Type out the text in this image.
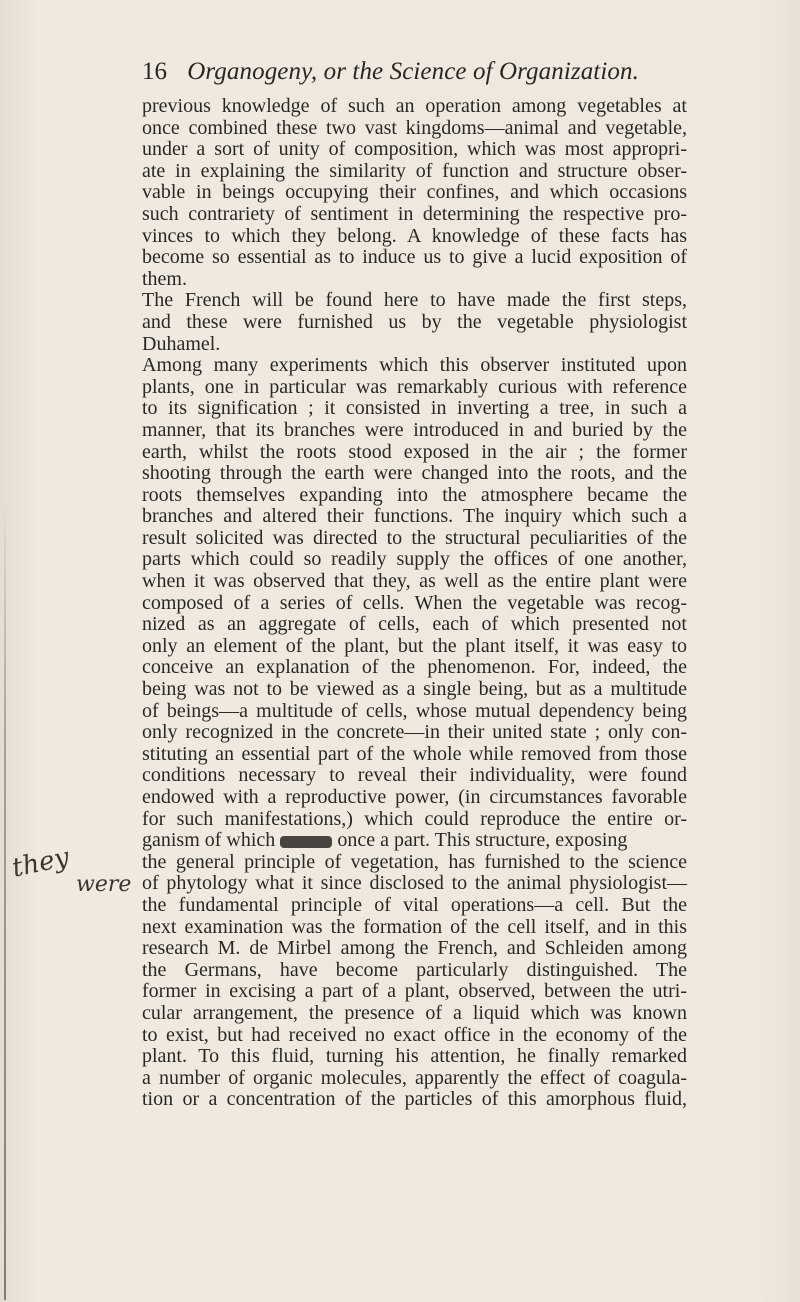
16 Organogeny, or the Science of Organization.
they
were
previous knowledge of such an operation among vegetables at
once combined these two vast kingdoms—animal and vegetable,
under a sort of unity of composition, which was most appropri-
ate in explaining the similarity of function and structure obser-
vable in beings occupying their confines, and which occasions
such contrariety of sentiment in determining the respective pro-
vinces to which they belong. A knowledge of these facts has
become so essential as to induce us to give a lucid exposition of
them.
The French will be found here to have made the first steps,
and these were furnished us by the vegetable physiologist
Duhamel.
Among many experiments which this observer instituted upon
plants, one in particular was remarkably curious with reference
to its signification ; it consisted in inverting a tree, in such a
manner, that its branches were introduced in and buried by the
earth, whilst the roots stood exposed in the air ; the former
shooting through the earth were changed into the roots, and the
roots themselves expanding into the atmosphere became the
branches and altered their functions. The inquiry which such a
result solicited was directed to the structural peculiarities of the
parts which could so readily supply the offices of one another,
when it was observed that they, as well as the entire plant were
composed of a series of cells. When the vegetable was recog-
nized as an aggregate of cells, each of which presented not
only an element of the plant, but the plant itself, it was easy to
conceive an explanation of the phenomenon. For, indeed, the
being was not to be viewed as a single being, but as a multitude
of beings—a multitude of cells, whose mutual dependency being
only recognized in the concrete—in their united state ; only con-
stituting an essential part of the whole while removed from those
conditions necessary to reveal their individuality, were found
endowed with a reproductive power, (in circumstances favorable
for such manifestations,) which could reproduce the entire or-
ganism of which	once a part. This structure, exposing
the general principle of vegetation, has furnished to the science
of phytology what it since disclosed to the animal physiologist—
the fundamental principle of vital operations—a cell. But the
next examination was the formation of the cell itself, and in this
research M. de Mirbel among the French, and Schleiden among
the Germans, have become particularly distinguished. The
former in excising a part of a plant, observed, between the utri-
cular arrangement, the presence of a liquid which was known
to exist, but had received no exact office in the economy of the
plant. To this fluid, turning his attention, he finally remarked
a number of organic molecules, apparently the effect of coagula-
tion or a concentration of the particles of this amorphous fluid,
